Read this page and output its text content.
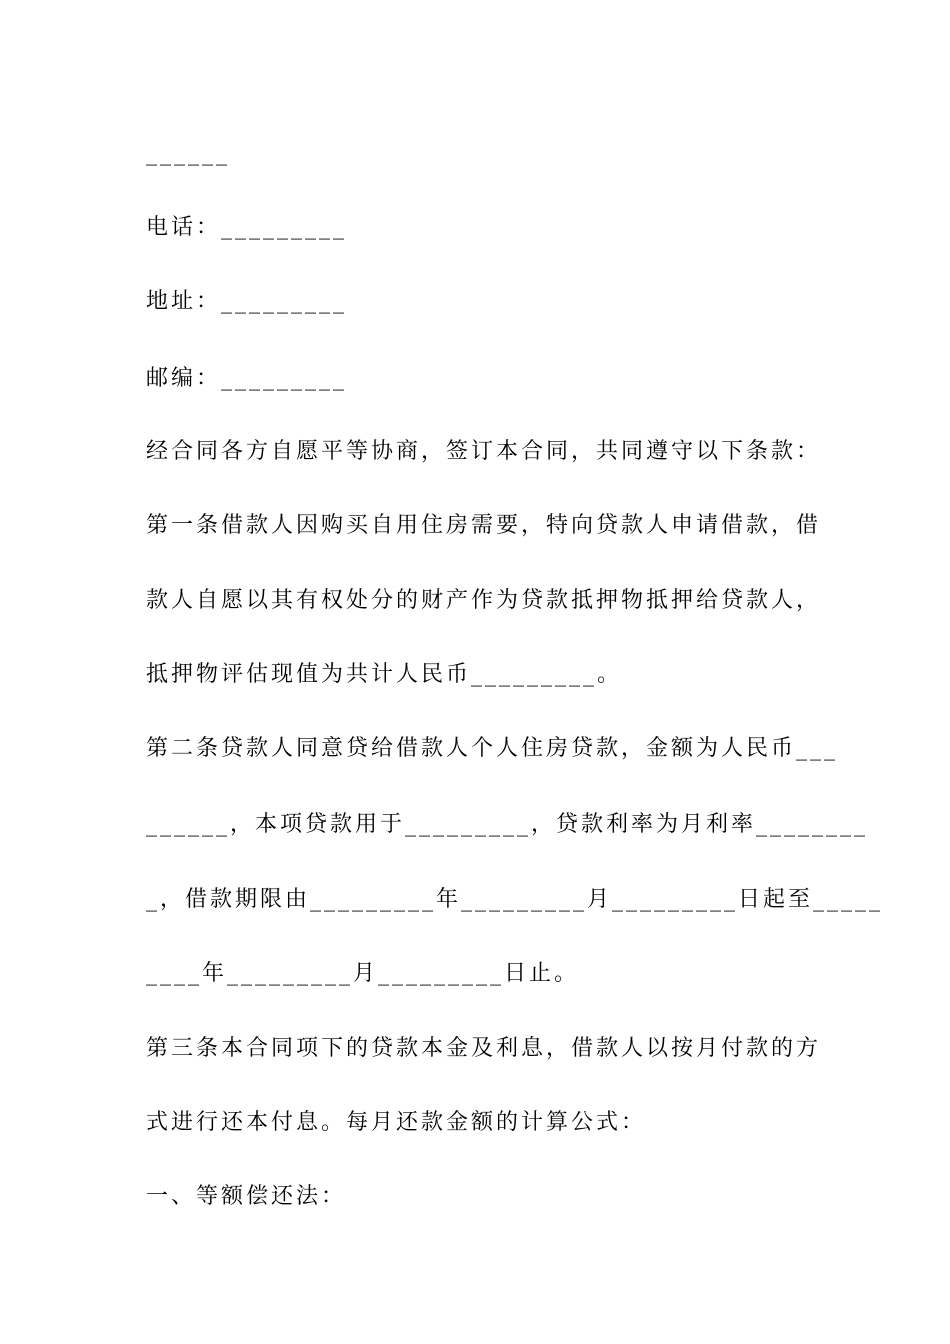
______

电话：_________

地址：_________

邮编：_________

经合同各方自愿平等协商，签订本合同，共同遵守以下条款：

第一条借款人因购买自用住房需要，特向贷款人申请借款，借

款人自愿以其有权处分的财产作为贷款抵押物抵押给贷款人，

抵押物评估现值为共计人民币_________。

第二条贷款人同意贷给借款人个人住房贷款，金额为人民币___

______，本项贷款用于_________，贷款利率为月利率________

_，借款期限由_________年_________月_________日起至_____

____年_________月_________日止。

第三条本合同项下的贷款本金及利息，借款人以按月付款的方

式进行还本付息。每月还款金额的计算公式：

一、等额偿还法：
